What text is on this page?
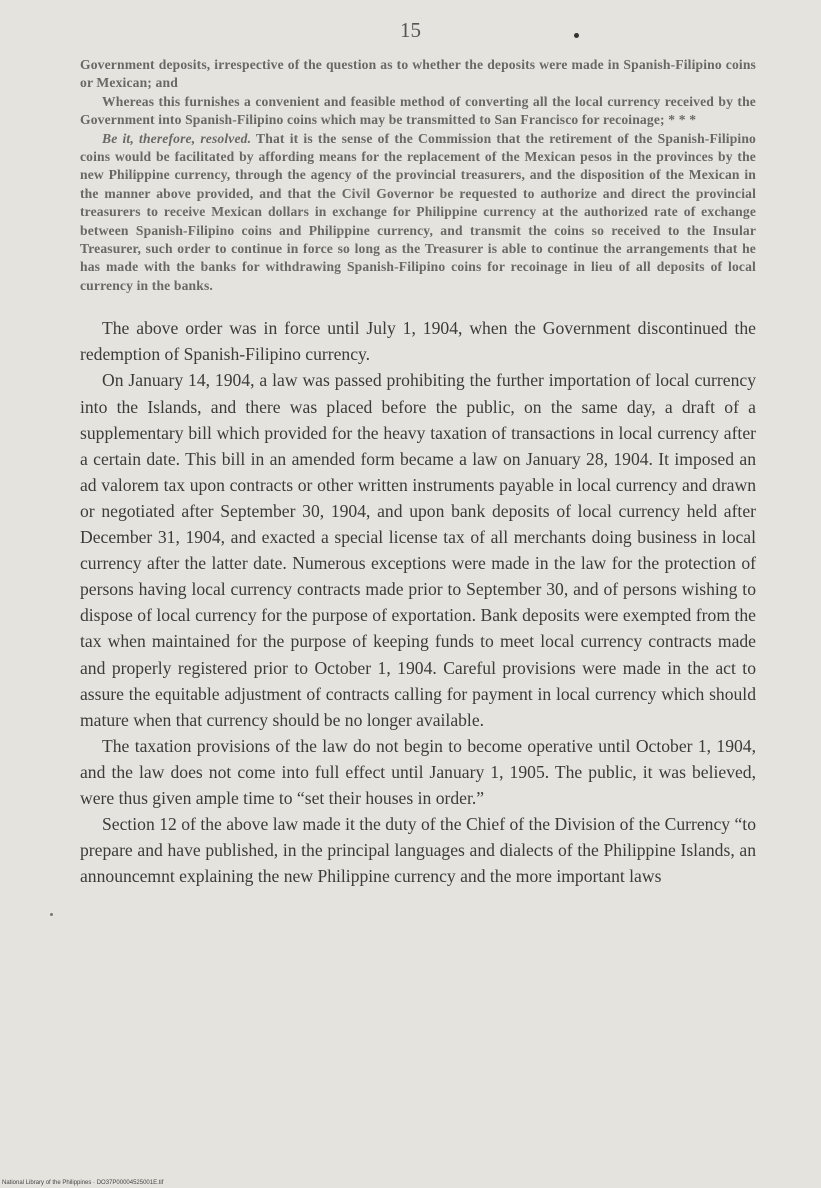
15

Government deposits, irrespective of the question as to whether the deposits were made in Spanish-Filipino coins or Mexican; and

Whereas this furnishes a convenient and feasible method of converting all the local currency received by the Government into Spanish-Filipino coins which may be transmitted to San Francisco for recoinage; * * *

Be it, therefore, resolved. That it is the sense of the Commission that the retirement of the Spanish-Filipino coins would be facilitated by affording means for the replacement of the Mexican pesos in the provinces by the new Philippine currency, through the agency of the provincial treasurers, and the disposition of the Mexican in the manner above provided, and that the Civil Governor be requested to authorize and direct the provincial treasurers to receive Mexican dollars in exchange for Philippine currency at the authorized rate of exchange between Spanish-Filipino coins and Philippine currency, and transmit the coins so received to the Insular Treasurer, such order to continue in force so long as the Treasurer is able to continue the arrangements that he has made with the banks for withdrawing Spanish-Filipino coins for recoinage in lieu of all deposits of local currency in the banks.

The above order was in force until July 1, 1904, when the Government discontinued the redemption of Spanish-Filipino currency.

On January 14, 1904, a law was passed prohibiting the further importation of local currency into the Islands, and there was placed before the public, on the same day, a draft of a supplementary bill which provided for the heavy taxation of transactions in local currency after a certain date. This bill in an amended form became a law on January 28, 1904. It imposed an ad valorem tax upon contracts or other written instruments payable in local currency and drawn or negotiated after September 30, 1904, and upon bank deposits of local currency held after December 31, 1904, and exacted a special license tax of all merchants doing business in local currency after the latter date. Numerous exceptions were made in the law for the protection of persons having local currency contracts made prior to September 30, and of persons wishing to dispose of local currency for the purpose of exportation. Bank deposits were exempted from the tax when maintained for the purpose of keeping funds to meet local currency contracts made and properly registered prior to October 1, 1904. Careful provisions were made in the act to assure the equitable adjustment of contracts calling for payment in local currency which should mature when that currency should be no longer available.

The taxation provisions of the law do not begin to become operative until October 1, 1904, and the law does not come into full effect until January 1, 1905. The public, it was believed, were thus given ample time to “set their houses in order.”

Section 12 of the above law made it the duty of the Chief of the Division of the Currency “to prepare and have published, in the principal languages and dialects of the Philippine Islands, an announcemnt explaining the new Philippine currency and the more important laws

National Library of the Philippines · DO37P00004525001E.tif
